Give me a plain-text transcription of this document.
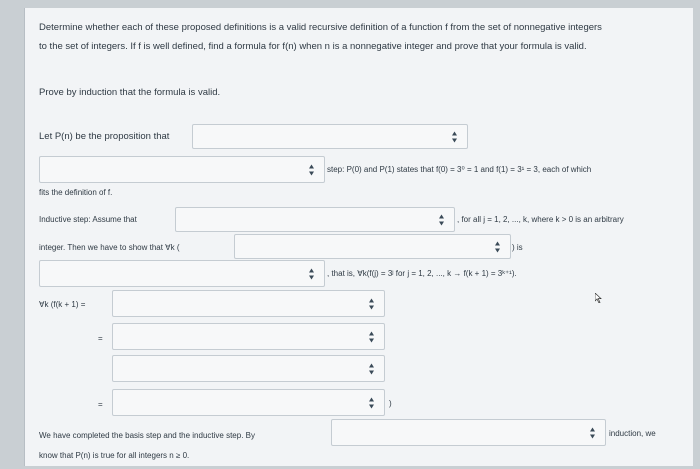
Determine whether each of these proposed definitions is a valid recursive definition of a function f from the set of nonnegative integers
to the set of integers. If f is well defined, find a formula for f(n) when n is a nonnegative integer and prove that your formula is valid.
Prove by induction that the formula is valid.
Let P(n) be the proposition that
step: P(0) and P(1) states that f(0) = 3⁰ = 1 and f(1) = 3¹ = 3, each of which
fits the definition of f.
Inductive step: Assume that	, for all j = 1, 2, ..., k, where k > 0 is an arbitrary
integer. Then we have to show that ∀k (	) is
, that is, ∀k(f(j) = 3ʲ for j = 1, 2, ..., k → f(k + 1) = 3ᵏ⁺¹).
∀k (f(k + 1) =
=
=	)
We have completed the basis step and the inductive step. By	induction, we
know that P(n) is true for all integers n ≥ 0.
